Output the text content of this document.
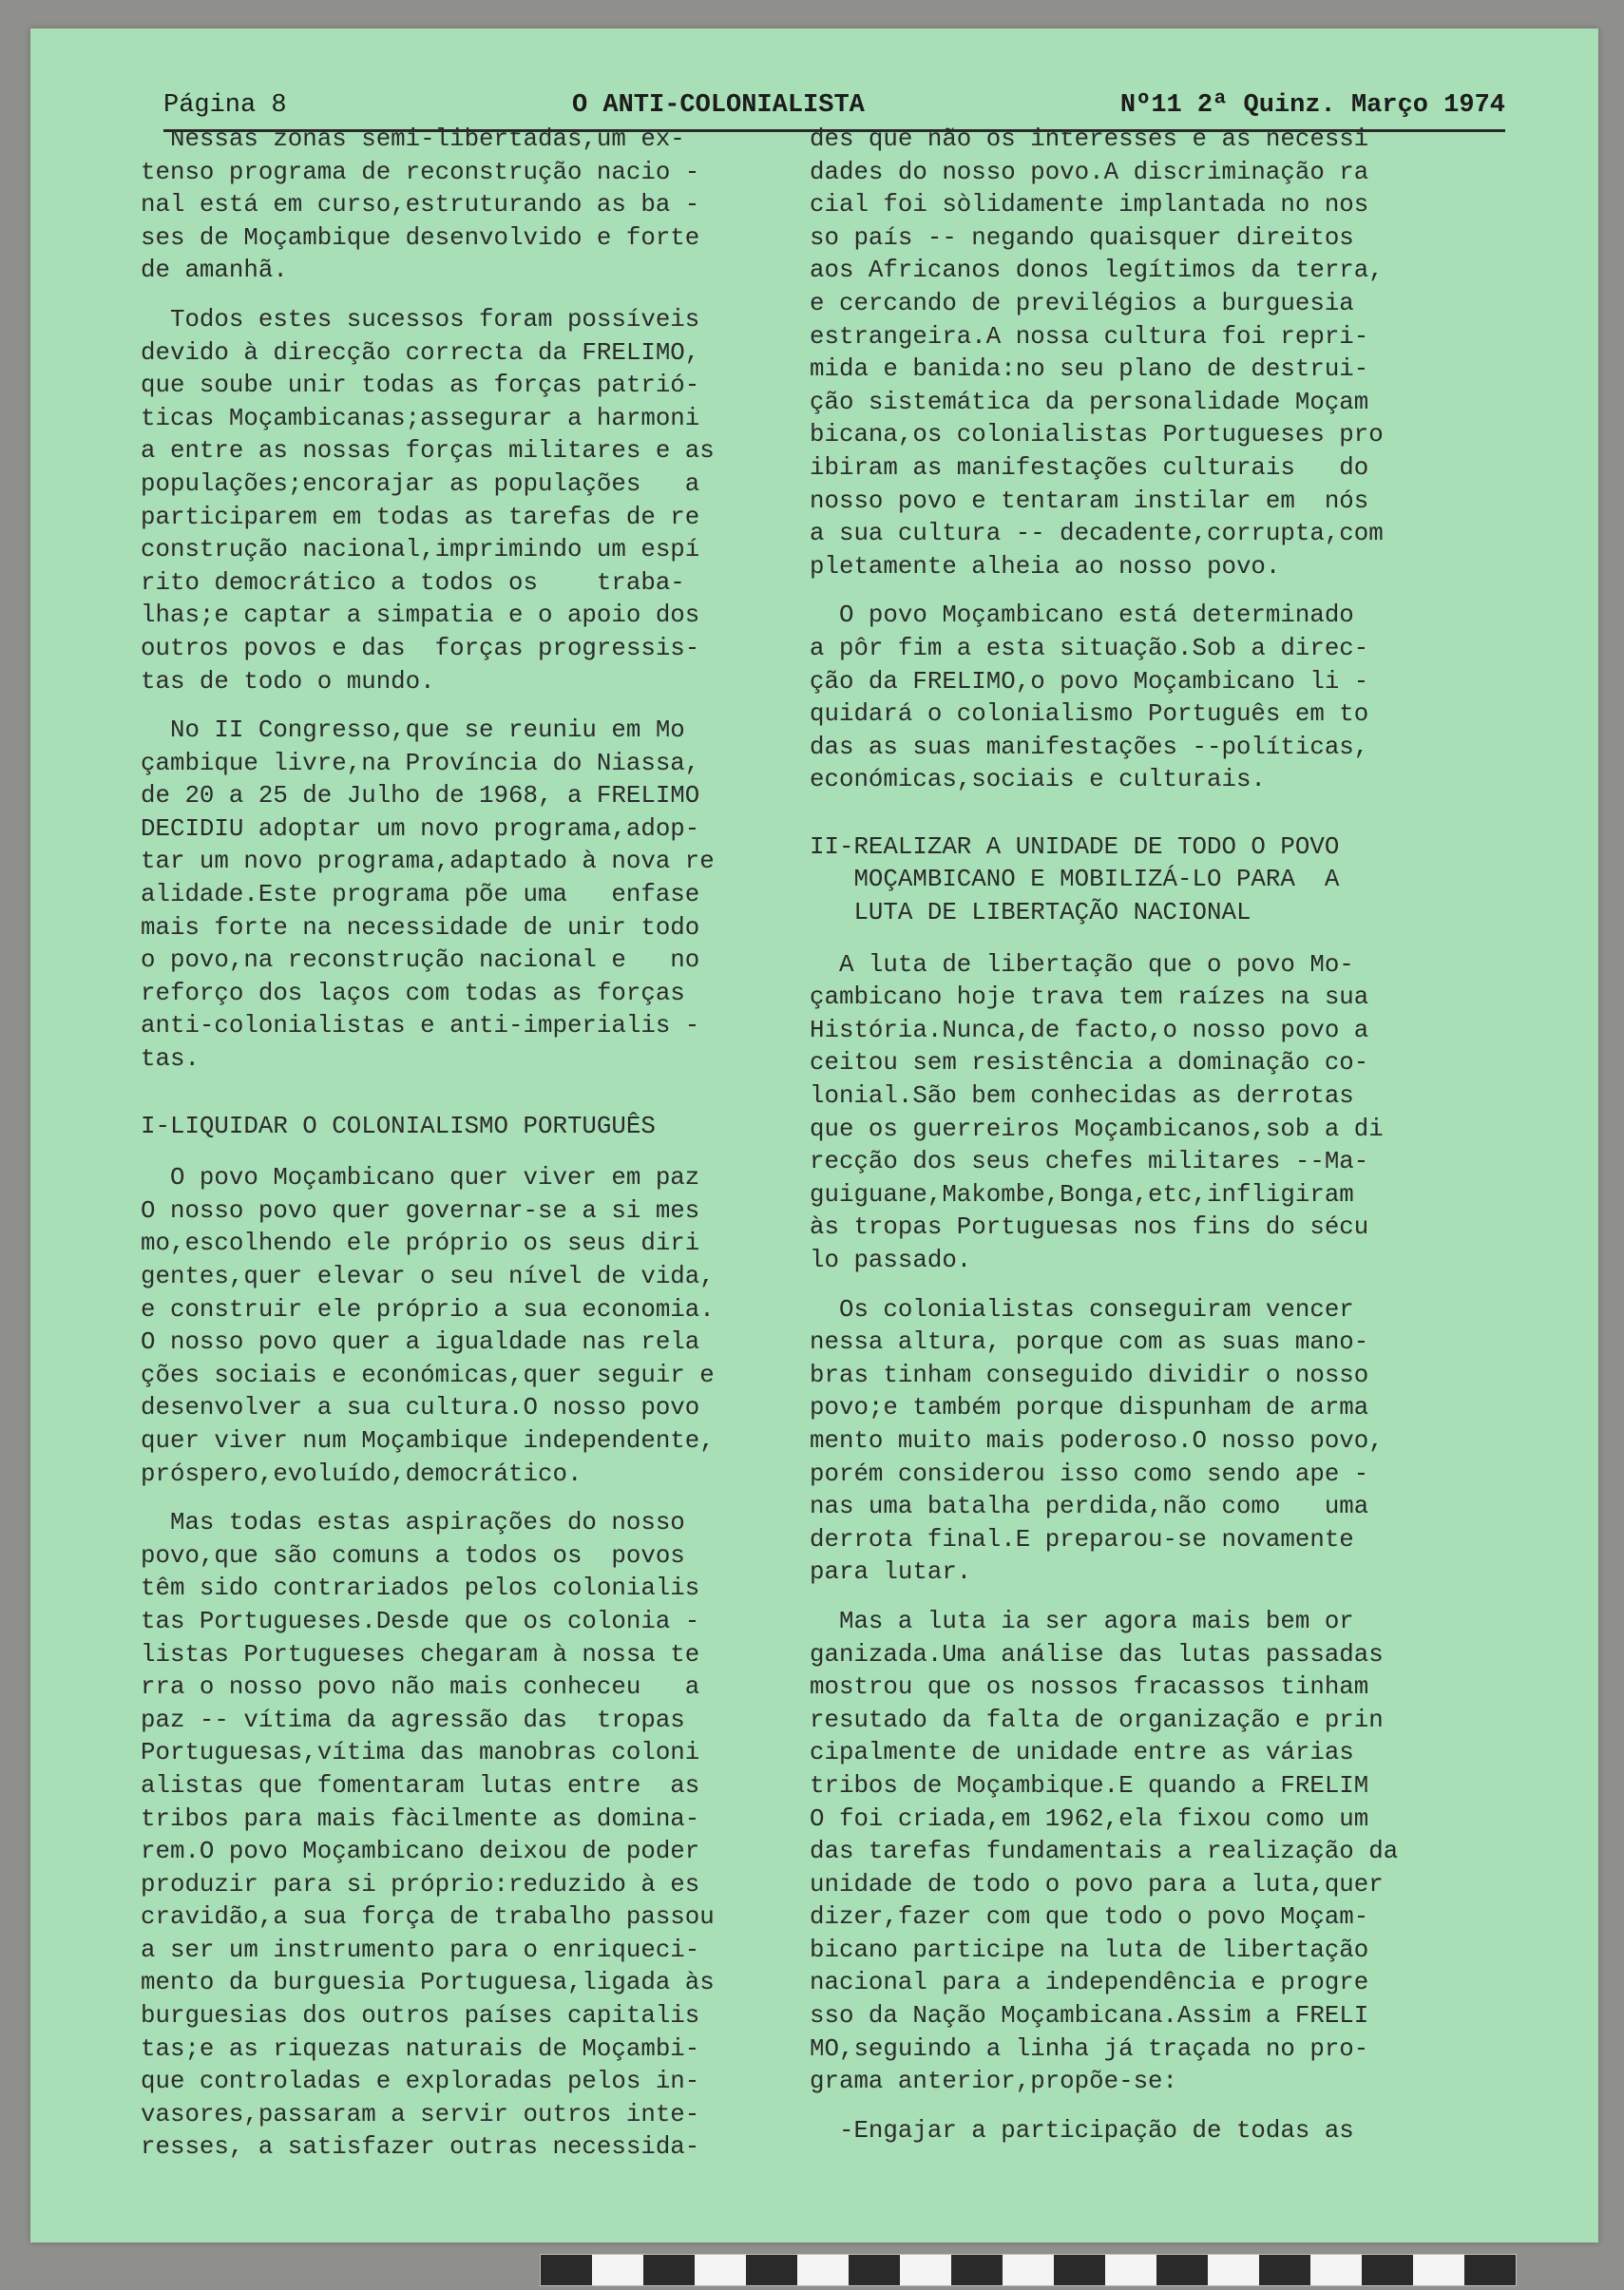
Página 8	O ANTI-COLONIALISTA	Nº11 2ª Quinz. Março 1974

Nessas zonas semi-libertadas,um ex-

tenso programa de reconstrução nacio -

nal está em curso,estruturando as ba -

ses de Moçambique desenvolvido e forte

de amanhã.

Todos estes sucessos foram possíveis

devido à direcção correcta da FRELIMO,

que soube unir todas as forças patrió-

ticas Moçambicanas;assegurar a harmoni

a entre as nossas forças militares e as

populações;encorajar as populações   a

participarem em todas as tarefas de re

construção nacional,imprimindo um espí

rito democrático a todos os    traba-

lhas;e captar a simpatia e o apoio dos

outros povos e das  forças progressis-

tas de todo o mundo.

No II Congresso,que se reuniu em Mo

çambique livre,na Província do Niassa,

de 20 a 25 de Julho de 1968, a FRELIMO

DECIDIU adoptar um novo programa,adop-

tar um novo programa,adaptado à nova re

alidade.Este programa põe uma   enfase

mais forte na necessidade de unir todo

o povo,na reconstrução nacional e   no

reforço dos laços com todas as forças

anti-colonialistas e anti-imperialis -

tas.

I-LIQUIDAR O COLONIALISMO PORTUGUÊS

O povo Moçambicano quer viver em paz

O nosso povo quer governar-se a si mes

mo,escolhendo ele próprio os seus diri

gentes,quer elevar o seu nível de vida,

e construir ele próprio a sua economia.

O nosso povo quer a igualdade nas rela

ções sociais e económicas,quer seguir e

desenvolver a sua cultura.O nosso povo

quer viver num Moçambique independente,

próspero,evoluído,democrático.

Mas todas estas aspirações do nosso

povo,que são comuns a todos os  povos

têm sido contrariados pelos colonialis

tas Portugueses.Desde que os colonia -

listas Portugueses chegaram à nossa te

rra o nosso povo não mais conheceu   a

paz -- vítima da agressão das  tropas

Portuguesas,vítima das manobras coloni

alistas que fomentaram lutas entre  as

tribos para mais fàcilmente as domina-

rem.O povo Moçambicano deixou de poder

produzir para si próprio:reduzido à es

cravidão,a sua força de trabalho passou

a ser um instrumento para o enriqueci-

mento da burguesia Portuguesa,ligada às

burguesias dos outros países capitalis

tas;e as riquezas naturais de Moçambi-

que controladas e exploradas pelos in-

vasores,passaram a servir outros inte-

resses, a satisfazer outras necessida-

des que não os interesses e as necessi

dades do nosso povo.A discriminação ra

cial foi sòlidamente implantada no nos

so país -- negando quaisquer direitos

aos Africanos donos legítimos da terra,

e cercando de previlégios a burguesia

estrangeira.A nossa cultura foi repri-

mida e banida:no seu plano de destrui-

ção sistemática da personalidade Moçam

bicana,os colonialistas Portugueses pro

ibiram as manifestações culturais   do

nosso povo e tentaram instilar em  nós

a sua cultura -- decadente,corrupta,com

pletamente alheia ao nosso povo.

O povo Moçambicano está determinado

a pôr fim a esta situação.Sob a direc-

ção da FRELIMO,o povo Moçambicano li -

quidará o colonialismo Português em to

das as suas manifestações --políticas,

económicas,sociais e culturais.

II-REALIZAR A UNIDADE DE TODO O POVO

MOÇAMBICANO E MOBILIZÁ-LO PARA  A

LUTA DE LIBERTAÇÃO NACIONAL

A luta de libertação que o povo Mo-

çambicano hoje trava tem raízes na sua

História.Nunca,de facto,o nosso povo a

ceitou sem resistência a dominação co-

lonial.São bem conhecidas as derrotas

que os guerreiros Moçambicanos,sob a di

recção dos seus chefes militares --Ma-

guiguane,Makombe,Bonga,etc,infligiram

às tropas Portuguesas nos fins do sécu

lo passado.

Os colonialistas conseguiram vencer

nessa altura, porque com as suas mano-

bras tinham conseguido dividir o nosso

povo;e também porque dispunham de arma

mento muito mais poderoso.O nosso povo,

porém considerou isso como sendo ape -

nas uma batalha perdida,não como   uma

derrota final.E preparou-se novamente

para lutar.

Mas a luta ia ser agora mais bem or

ganizada.Uma análise das lutas passadas

mostrou que os nossos fracassos tinham

resutado da falta de organização e prin

cipalmente de unidade entre as várias

tribos de Moçambique.E quando a FRELIM

O foi criada,em 1962,ela fixou como um

das tarefas fundamentais a realização da

unidade de todo o povo para a luta,quer

dizer,fazer com que todo o povo Moçam-

bicano participe na luta de libertação

nacional para a independência e progre

sso da Nação Moçambicana.Assim a FRELI

MO,seguindo a linha já traçada no pro-

grama anterior,propõe-se:

-Engajar a participação de todas as
